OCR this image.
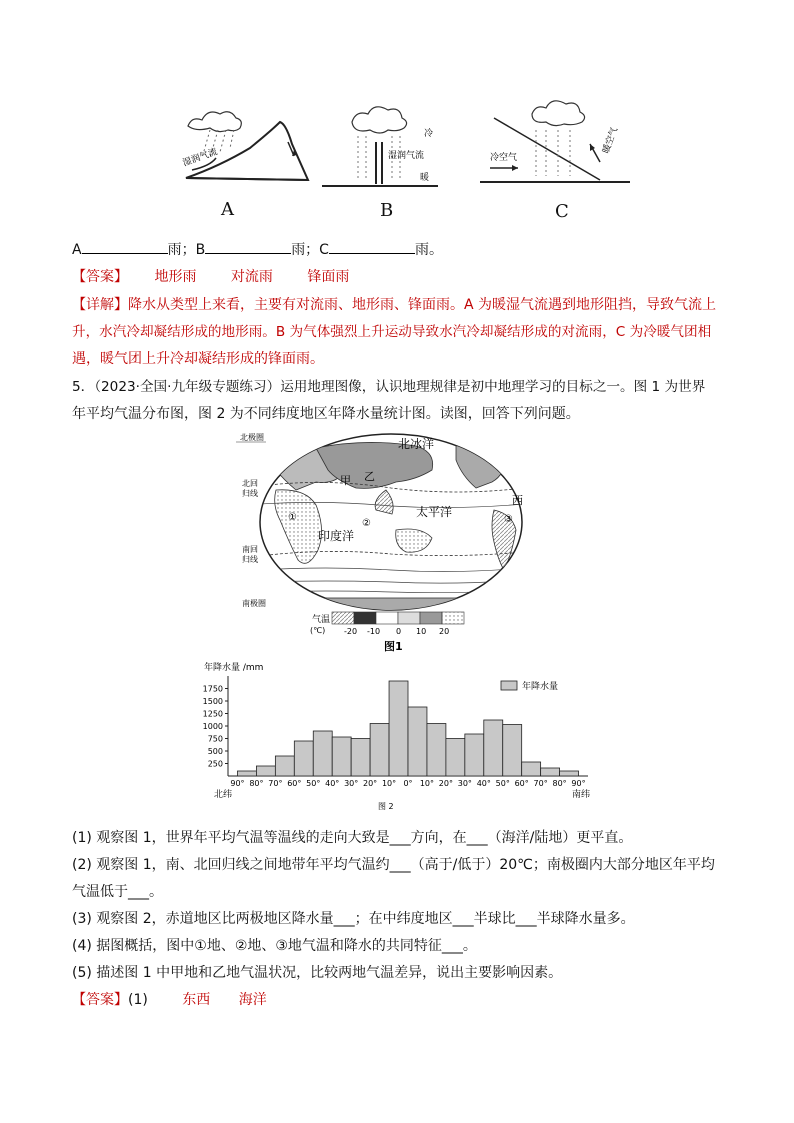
湿润气流
冷
湿润气流
暖
冷空气
暖空气
A	B	C
A	雨；B	雨；C	雨。
【答案】 地形雨 对流雨 锋面雨
【详解】降水从类型上来看，主要有对流雨、地形雨、锋面雨。A 为暖湿气流遇到地形阻挡，导致气流上
升，水汽冷却凝结形成的地形雨。B 为气体强烈上升运动导致水汽冷却凝结形成的对流雨，C 为冷暖气团相
遇，暖气团上升冷却凝结形成的锋面雨。
5．（2023·全国·九年级专题练习）运用地理图像，认识地理规律是初中地理学习的目标之一。图 1 为世界
年平均气温分布图，图 2 为不同纬度地区年降水量统计图。读图，回答下列问题。
北极圈
北回
归线
南回
归线
南极圈
北冰洋
太平洋
印度洋
甲 乙
西
①
②	③
气温
(℃) -20 -10 0 10 20
图1
年降水量 /mm
250
500
750
1000
1250
1500
1750
90° 80° 70° 60° 50° 40° 30° 20° 10° 0° 10° 20° 30° 40° 50° 60° 70° 80° 90°
年降水量
北纬	南纬
图 2
(1) 观察图 1，世界年平均气温等温线的走向大致是___方向，在___（海洋/陆地）更平直。
(2) 观察图 1，南、北回归线之间地带年平均气温约___（高于/低于）20℃；南极圈内大部分地区年平均
气温低于___。
(3) 观察图 2，赤道地区比两极地区降水量___；在中纬度地区___半球比___半球降水量多。
(4) 据图概括，图中①地、②地、③地气温和降水的共同特征___。
(5) 描述图 1 中甲地和乙地气温状况，比较两地气温差异，说出主要影响因素。
【答案】(1) 东西 海洋
